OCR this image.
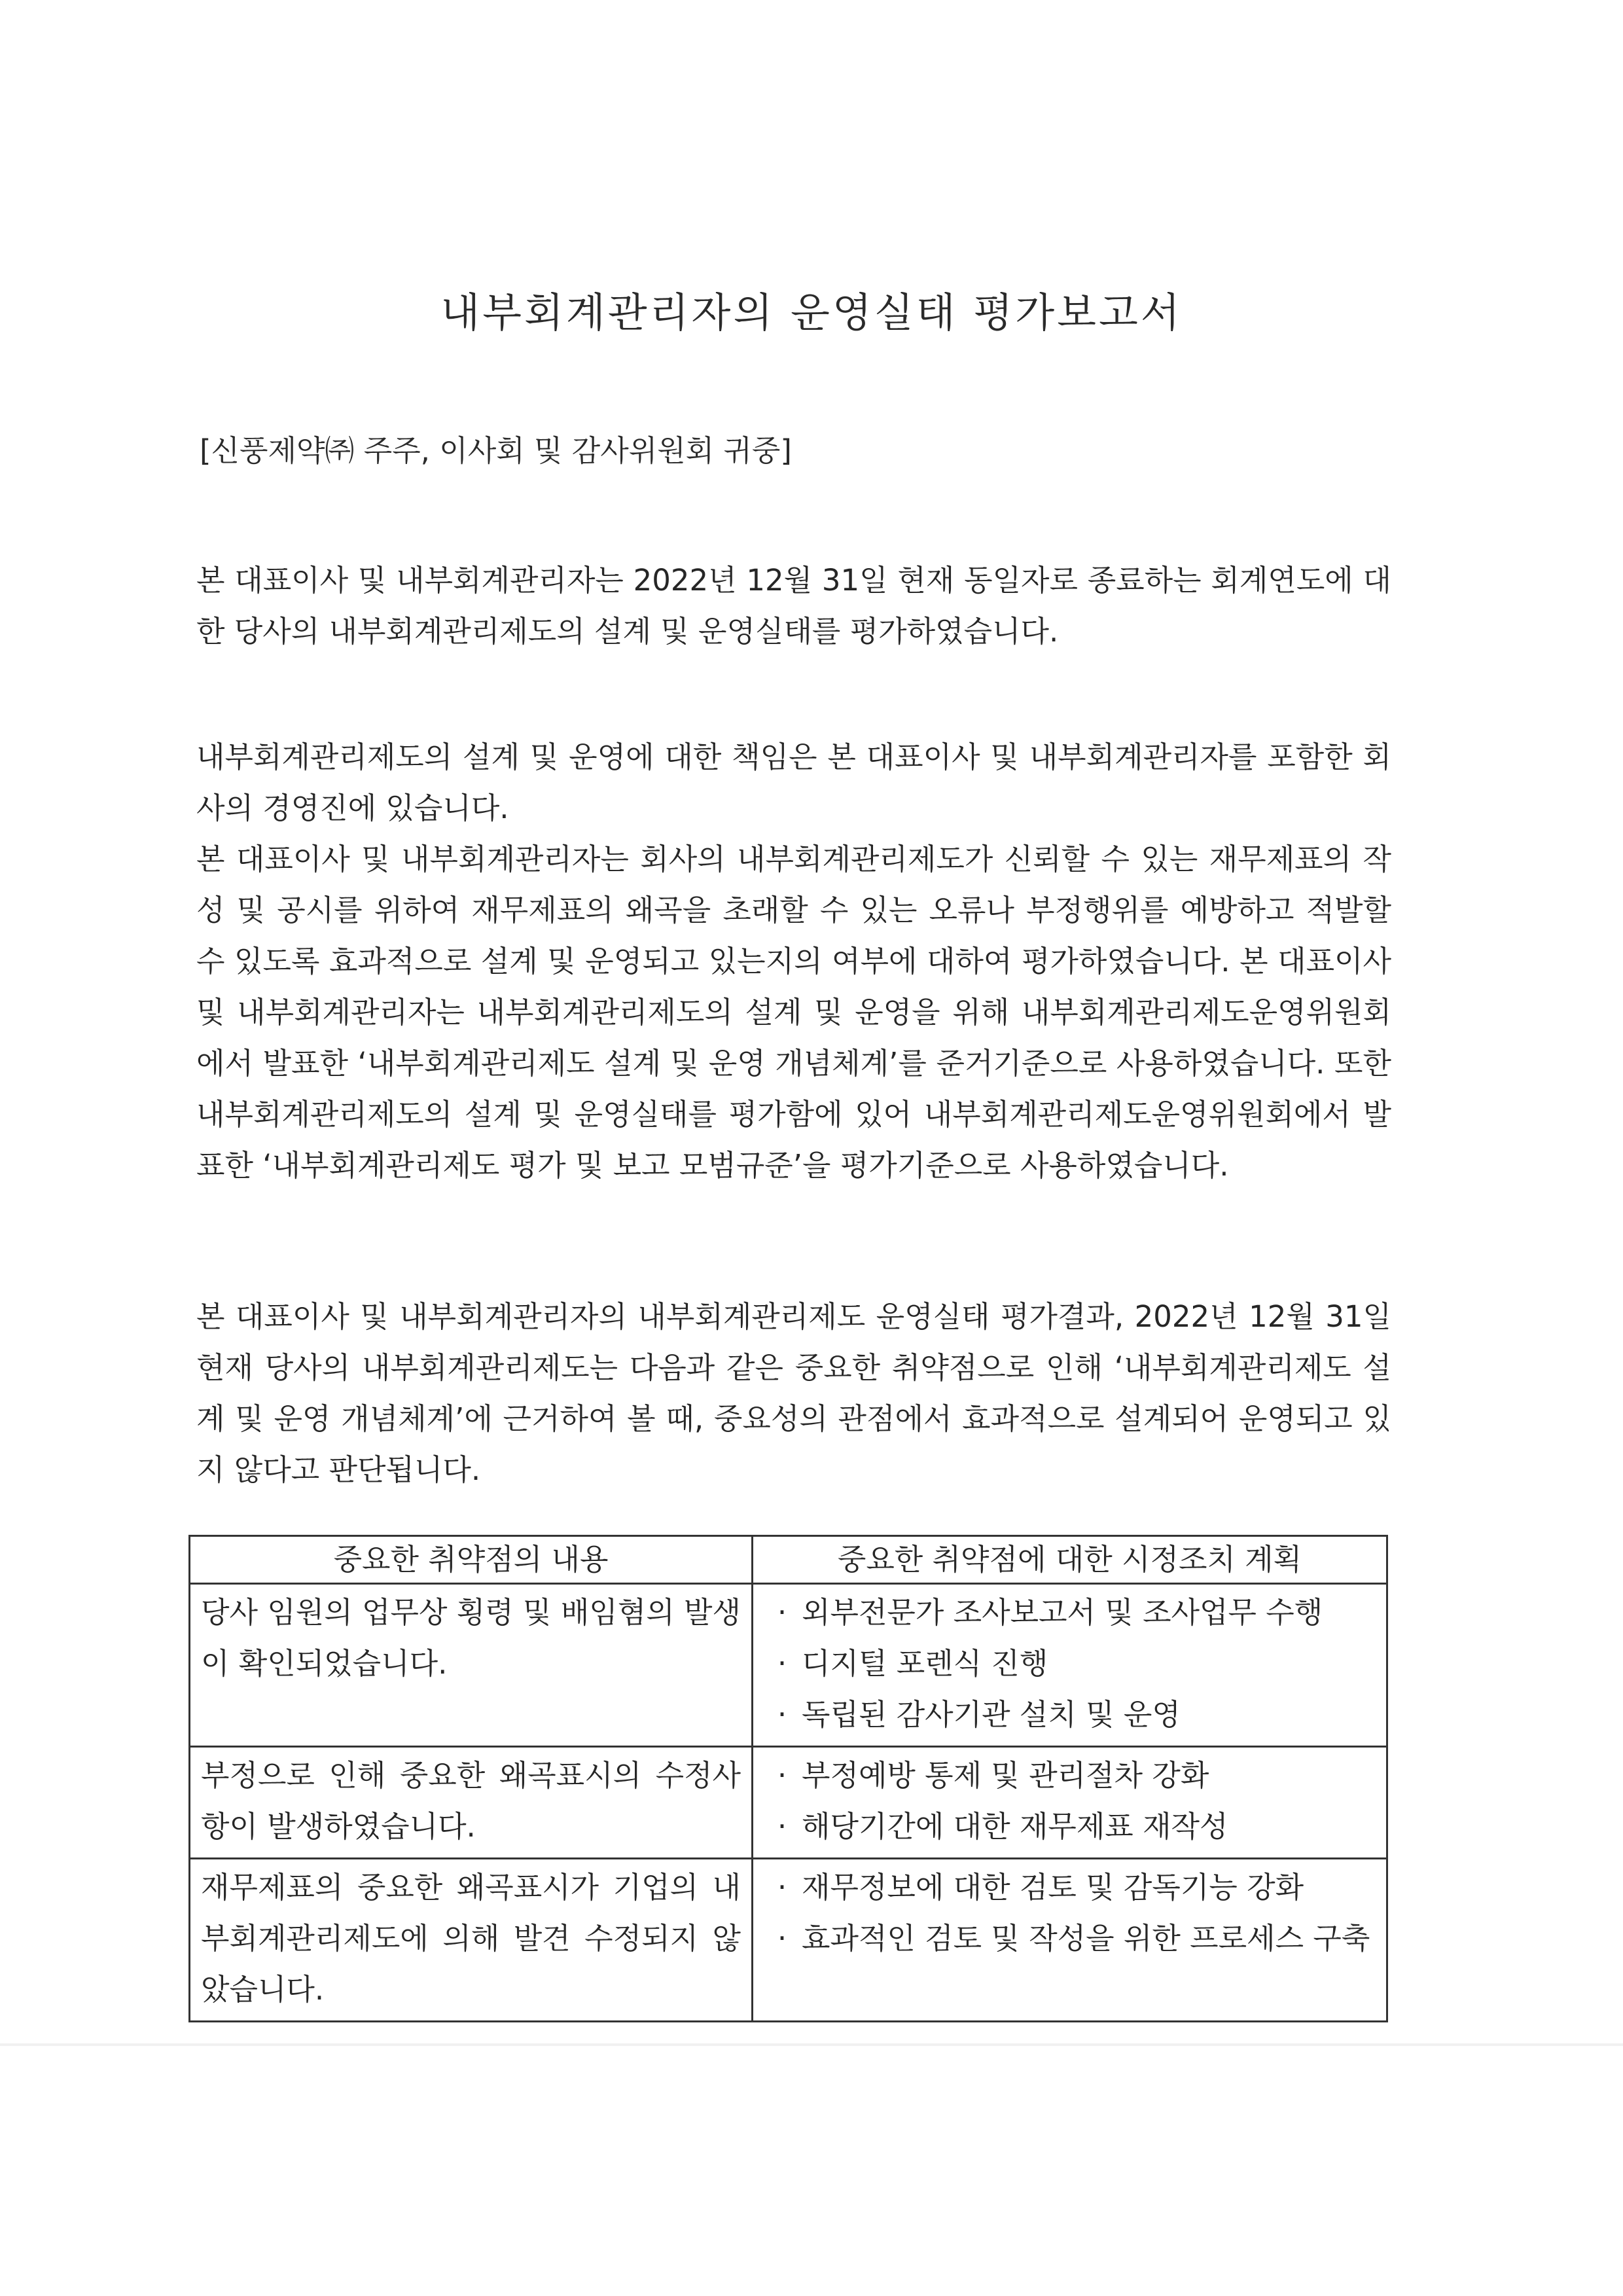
내부회계관리자의 운영실태 평가보고서
[신풍제약㈜ 주주, 이사회 및 감사위원회 귀중]

본 대표이사 및 내부회계관리자는 2022년 12월 31일 현재 동일자로 종료하는 회계연도에 대한 당사의 내부회계관리제도의 설계 및 운영실태를 평가하였습니다.

내부회계관리제도의 설계 및 운영에 대한 책임은 본 대표이사 및 내부회계관리자를 포함한 회사의 경영진에 있습니다.
본 대표이사 및 내부회계관리자는 회사의 내부회계관리제도가 신뢰할 수 있는 재무제표의 작성 및 공시를 위하여 재무제표의 왜곡을 초래할 수 있는 오류나 부정행위를 예방하고 적발할 수 있도록 효과적으로 설계 및 운영되고 있는지의 여부에 대하여 평가하였습니다. 본 대표이사 및 내부회계관리자는 내부회계관리제도의 설계 및 운영을 위해 내부회계관리제도운영위원회에서 발표한 ‘내부회계관리제도 설계 및 운영 개념체계’를 준거기준으로 사용하였습니다. 또한 내부회계관리제도의 설계 및 운영실태를 평가함에 있어 내부회계관리제도운영위원회에서 발표한 ‘내부회계관리제도 평가 및 보고 모범규준’을 평가기준으로 사용하였습니다.

본 대표이사 및 내부회계관리자의 내부회계관리제도 운영실태 평가결과, 2022년 12월 31일 현재 당사의 내부회계관리제도는 다음과 같은 중요한 취약점으로 인해 ‘내부회계관리제도 설계 및 운영 개념체계’에 근거하여 볼 때, 중요성의 관점에서 효과적으로 설계되어 운영되고 있지 않다고 판단됩니다.

중요한 취약점의 내용	중요한 취약점에 대한 시정조치 계획
당사 임원의 업무상 횡령 및 배임혐의 발생이 확인되었습니다.	· 외부전문가 조사보고서 및 조사업무 수행
· 디지털 포렌식 진행
· 독립된 감사기관 설치 및 운영

부정으로 인해 중요한 왜곡표시의 수정사항이 발생하였습니다.	· 부정예방 통제 및 관리절차 강화
· 해당기간에 대한 재무제표 재작성

재무제표의 중요한 왜곡표시가 기업의 내부회계관리제도에 의해 발견 수정되지 않았습니다.	· 재무정보에 대한 검토 및 감독기능 강화
· 효과적인 검토 및 작성을 위한 프로세스 구축
